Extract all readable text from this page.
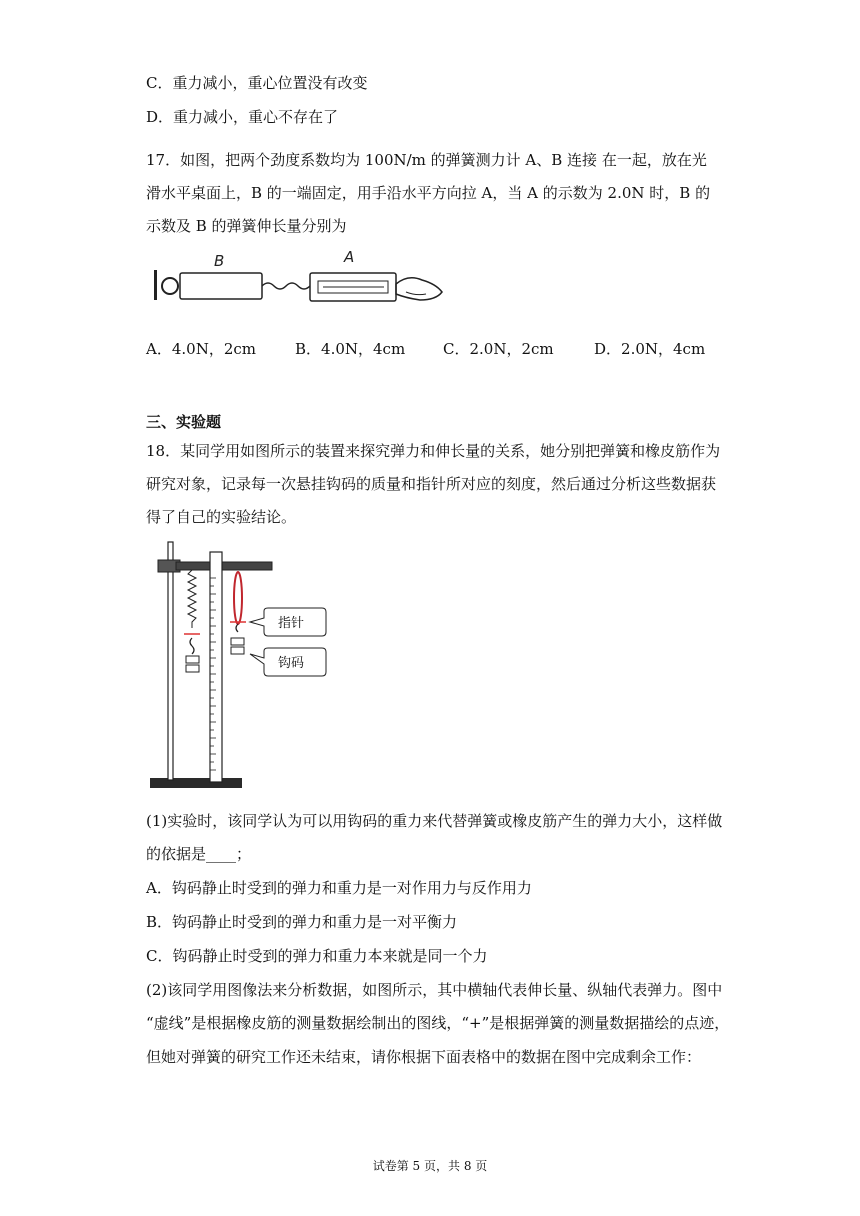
C．重力减小，重心位置没有改变
D．重力减小，重心不存在了
17．如图，把两个劲度系数均为 100N/m 的弹簧测力计 A、B 连接 在一起，放在光
滑水平桌面上，B 的一端固定，用手沿水平方向拉 A，当 A 的示数为 2.0N 时，B 的
示数及 B 的弹簧伸长量分别为
B	A
A．4.0N，2cm	B．4.0N，4cm	C．2.0N，2cm	D．2.0N，4cm
三、实验题
18．某同学用如图所示的装置来探究弹力和伸长量的关系，她分别把弹簧和橡皮筋作为
研究对象，记录每一次悬挂钩码的质量和指针所对应的刻度，然后通过分析这些数据获
得了自己的实验结论。
指针
钩码
(1)实验时，该同学认为可以用钩码的重力来代替弹簧或橡皮筋产生的弹力大小，这样做
的依据是____；
A．钩码静止时受到的弹力和重力是一对作用力与反作用力
B．钩码静止时受到的弹力和重力是一对平衡力
C．钩码静止时受到的弹力和重力本来就是同一个力
(2)该同学用图像法来分析数据，如图所示，其中横轴代表伸长量、纵轴代表弹力。图中
“虚线”是根据橡皮筋的测量数据绘制出的图线，“+”是根据弹簧的测量数据描绘的点迹，
但她对弹簧的研究工作还未结束，请你根据下面表格中的数据在图中完成剩余工作：
试卷第 5 页，共 8 页
